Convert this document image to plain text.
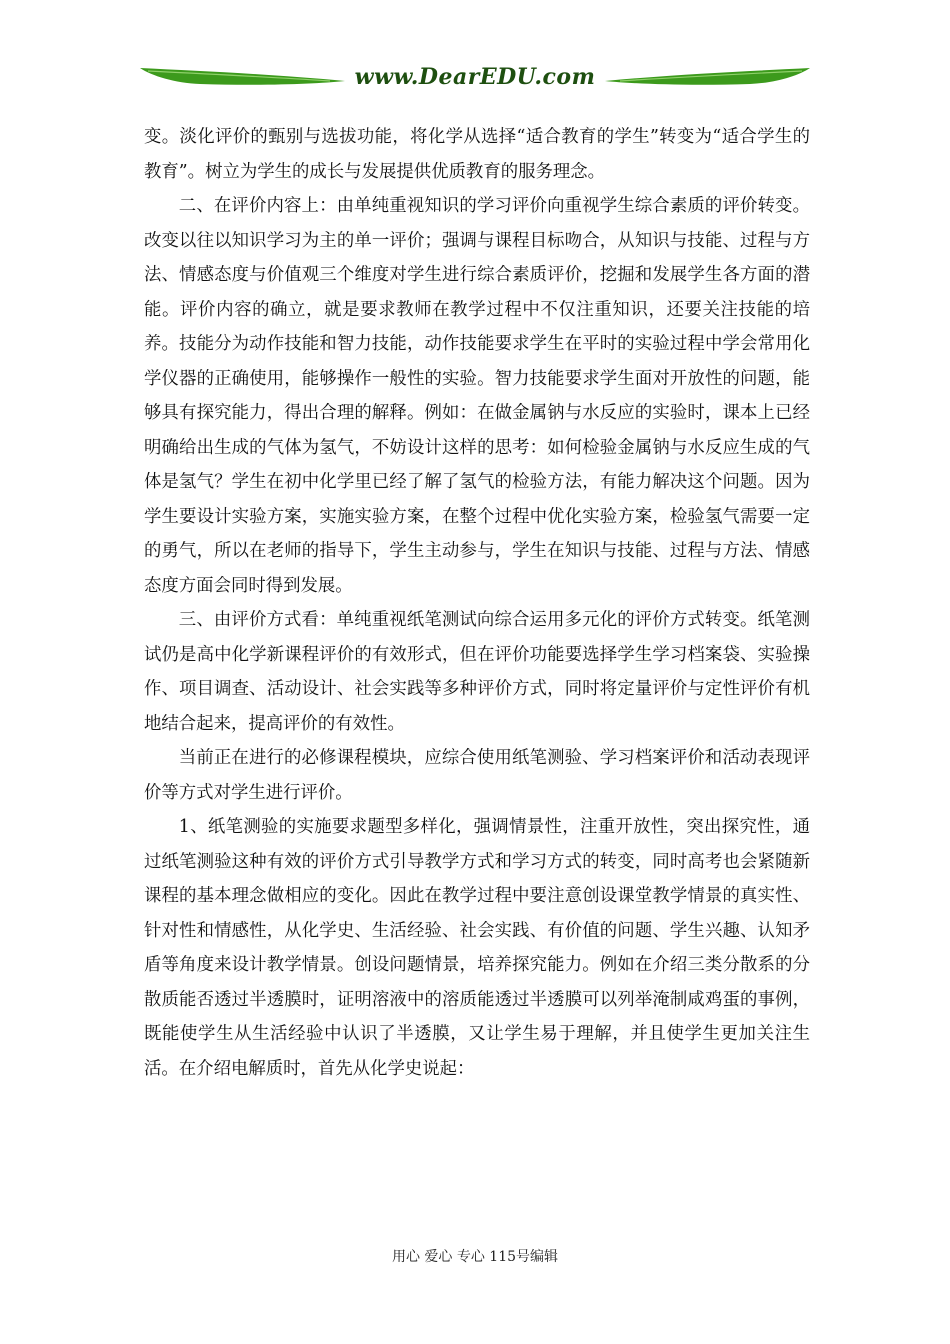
www.DearEDU.com

变。淡化评价的甄别与选拔功能，将化学从选择“适合教育的学生”转变为“适合学生的教育”。树立为学生的成长与发展提供优质教育的服务理念。

二、在评价内容上：由单纯重视知识的学习评价向重视学生综合素质的评价转变。改变以往以知识学习为主的单一评价；强调与课程目标吻合，从知识与技能、过程与方法、情感态度与价值观三个维度对学生进行综合素质评价，挖掘和发展学生各方面的潜能。评价内容的确立，就是要求教师在教学过程中不仅注重知识，还要关注技能的培养。技能分为动作技能和智力技能，动作技能要求学生在平时的实验过程中学会常用化学仪器的正确使用，能够操作一般性的实验。智力技能要求学生面对开放性的问题，能够具有探究能力，得出合理的解释。例如：在做金属钠与水反应的实验时，课本上已经明确给出生成的气体为氢气，不妨设计这样的思考：如何检验金属钠与水反应生成的气体是氢气？学生在初中化学里已经了解了氢气的检验方法，有能力解决这个问题。因为学生要设计实验方案，实施实验方案，在整个过程中优化实验方案，检验氢气需要一定的勇气，所以在老师的指导下，学生主动参与，学生在知识与技能、过程与方法、情感态度方面会同时得到发展。

三、由评价方式看：单纯重视纸笔测试向综合运用多元化的评价方式转变。纸笔测试仍是高中化学新课程评价的有效形式，但在评价功能要选择学生学习档案袋、实验操作、项目调查、活动设计、社会实践等多种评价方式，同时将定量评价与定性评价有机地结合起来，提高评价的有效性。

当前正在进行的必修课程模块，应综合使用纸笔测验、学习档案评价和活动表现评价等方式对学生进行评价。

1、纸笔测验的实施要求题型多样化，强调情景性，注重开放性，突出探究性，通过纸笔测验这种有效的评价方式引导教学方式和学习方式的转变，同时高考也会紧随新课程的基本理念做相应的变化。因此在教学过程中要注意创设课堂教学情景的真实性、针对性和情感性，从化学史、生活经验、社会实践、有价值的问题、学生兴趣、认知矛盾等角度来设计教学情景。创设问题情景，培养探究能力。例如在介绍三类分散系的分散质能否透过半透膜时，证明溶液中的溶质能透过半透膜可以列举淹制咸鸡蛋的事例，既能使学生从生活经验中认识了半透膜，又让学生易于理解，并且使学生更加关注生活。在介绍电解质时，首先从化学史说起：

用心 爱心 专心 115号编辑
